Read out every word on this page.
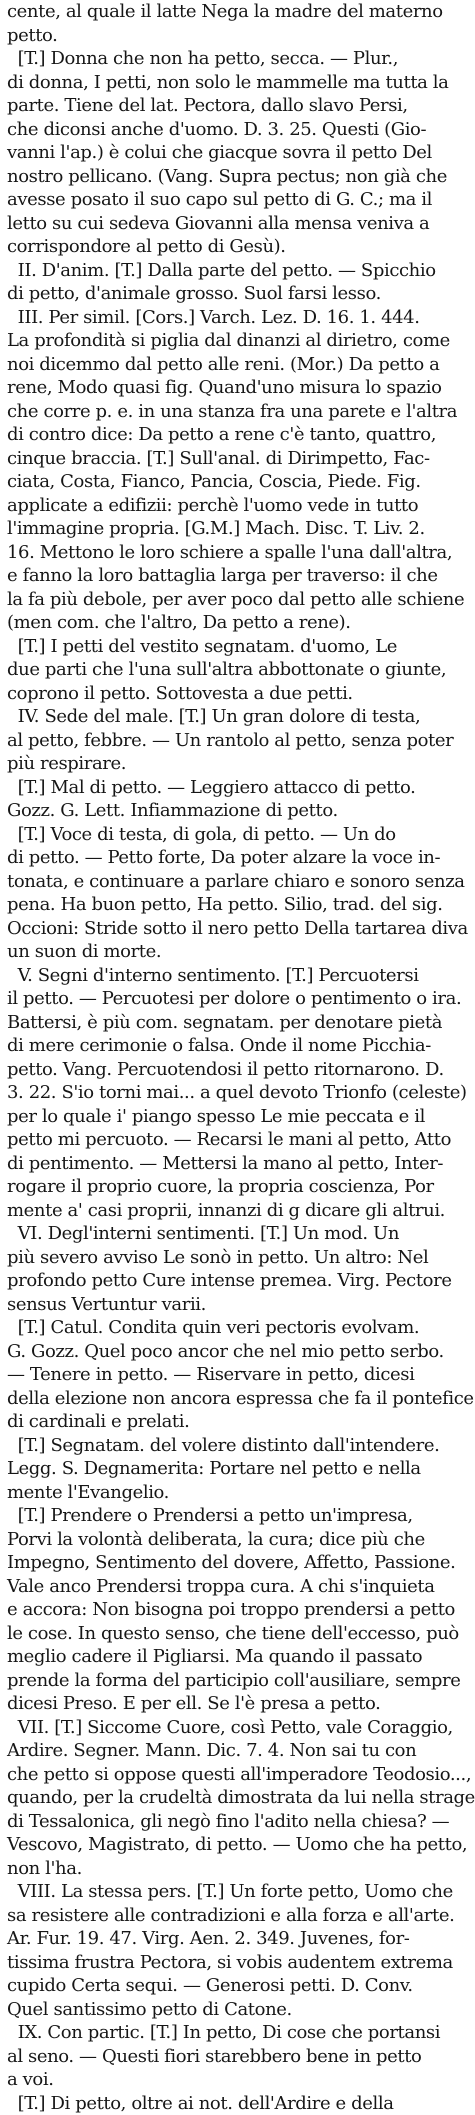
cente, al quale il latte Nega la madre del materno
petto.
[T.] Donna che non ha petto, secca. — Plur.,
di donna, I petti, non solo le mammelle ma tutta la
parte. Tiene del lat. Pectora, dallo slavo Persi,
che diconsi anche d'uomo. D. 3. 25. Questi (Gio-
vanni l'ap.) è colui che giacque sovra il petto Del
nostro pellicano. (Vang. Supra pectus; non già che
avesse posato il suo capo sul petto di G. C.; ma il
letto su cui sedeva Giovanni alla mensa veniva a
corrispondore al petto di Gesù).
II. D'anim. [T.] Dalla parte del petto. — Spicchio
di petto, d'animale grosso. Suol farsi lesso.
III. Per simil. [Cors.] Varch. Lez. D. 16. 1. 444.
La profondità si piglia dal dinanzi al dirietro, come
noi dicemmo dal petto alle reni. (Mor.) Da petto a
rene, Modo quasi fig. Quand'uno misura lo spazio
che corre p. e. in una stanza fra una parete e l'altra
di contro dice: Da petto a rene c'è tanto, quattro,
cinque braccia. [T.] Sull'anal. di Dirimpetto, Fac-
ciata, Costa, Fianco, Pancia, Coscia, Piede. Fig.
applicate a edifizii: perchè l'uomo vede in tutto
l'immagine propria. [G.M.] Mach. Disc. T. Liv. 2.
16. Mettono le loro schiere a spalle l'una dall'altra,
e fanno la loro battaglia larga per traverso: il che
la fa più debole, per aver poco dal petto alle schiene
(men com. che l'altro, Da petto a rene).
[T.] I petti del vestito segnatam. d'uomo, Le
due parti che l'una sull'altra abbottonate o giunte,
coprono il petto. Sottovesta a due petti.
IV. Sede del male. [T.] Un gran dolore di testa,
al petto, febbre. — Un rantolo al petto, senza poter
più respirare.
[T.] Mal di petto. — Leggiero attacco di petto.
Gozz. G. Lett. Infiammazione di petto.
[T.] Voce di testa, di gola, di petto. — Un do
di petto. — Petto forte, Da poter alzare la voce in-
tonata, e continuare a parlare chiaro e sonoro senza
pena. Ha buon petto, Ha petto. Silio, trad. del sig.
Occioni: Stride sotto il nero petto Della tartarea diva
un suon di morte.
V. Segni d'interno sentimento. [T.] Percuotersi
il petto. — Percuotesi per dolore o pentimento o ira.
Battersi, è più com. segnatam. per denotare pietà
di mere cerimonie o falsa. Onde il nome Picchia-
petto. Vang. Percuotendosi il petto ritornarono. D.
3. 22. S'io torni mai... a quel devoto Trionfo (celeste)
per lo quale i' piango spesso Le mie peccata e il
petto mi percuoto. — Recarsi le mani al petto, Atto
di pentimento. — Mettersi la mano al petto, Inter-
rogare il proprio cuore, la propria coscienza, Por
mente a' casi proprii, innanzi di g dicare gli altrui.
VI. Degl'interni sentimenti. [T.] Un mod. Un
più severo avviso Le sonò in petto. Un altro: Nel
profondo petto Cure intense premea. Virg. Pectore
sensus Vertuntur varii.
[T.] Catul. Condita quin veri pectoris evolvam.
G. Gozz. Quel poco ancor che nel mio petto serbo.
— Tenere in petto. — Riservare in petto, dicesi
della elezione non ancora espressa che fa il pontefice
di cardinali e prelati.
[T.] Segnatam. del volere distinto dall'intendere.
Legg. S. Degnamerita: Portare nel petto e nella
mente l'Evangelio.
[T.] Prendere o Prendersi a petto un'impresa,
Porvi la volontà deliberata, la cura; dice più che
Impegno, Sentimento del dovere, Affetto, Passione.
Vale anco Prendersi troppa cura. A chi s'inquieta
e accora: Non bisogna poi troppo prendersi a petto
le cose. In questo senso, che tiene dell'eccesso, può
meglio cadere il Pigliarsi. Ma quando il passato
prende la forma del participio coll'ausiliare, sempre
dicesi Preso. E per ell. Se l'è presa a petto.
VII. [T.] Siccome Cuore, così Petto, vale Coraggio,
Ardire. Segner. Mann. Dic. 7. 4. Non sai tu con
che petto si oppose questi all'imperadore Teodosio...,
quando, per la crudeltà dimostrata da lui nella strage
di Tessalonica, gli negò fino l'adito nella chiesa? —
Vescovo, Magistrato, di petto. — Uomo che ha petto,
non l'ha.
VIII. La stessa pers. [T.] Un forte petto, Uomo che
sa resistere alle contradizioni e alla forza e all'arte.
Ar. Fur. 19. 47. Virg. Aen. 2. 349. Juvenes, for-
tissima frustra Pectora, si vobis audentem extrema
cupido Certa sequi. — Generosi petti. D. Conv.
Quel santissimo petto di Catone.
IX. Con partic. [T.] In petto, Di cose che portansi
al seno. — Questi fiori starebbero bene in petto
a voi.
[T.] Di petto, oltre ai not. dell'Ardire e della
